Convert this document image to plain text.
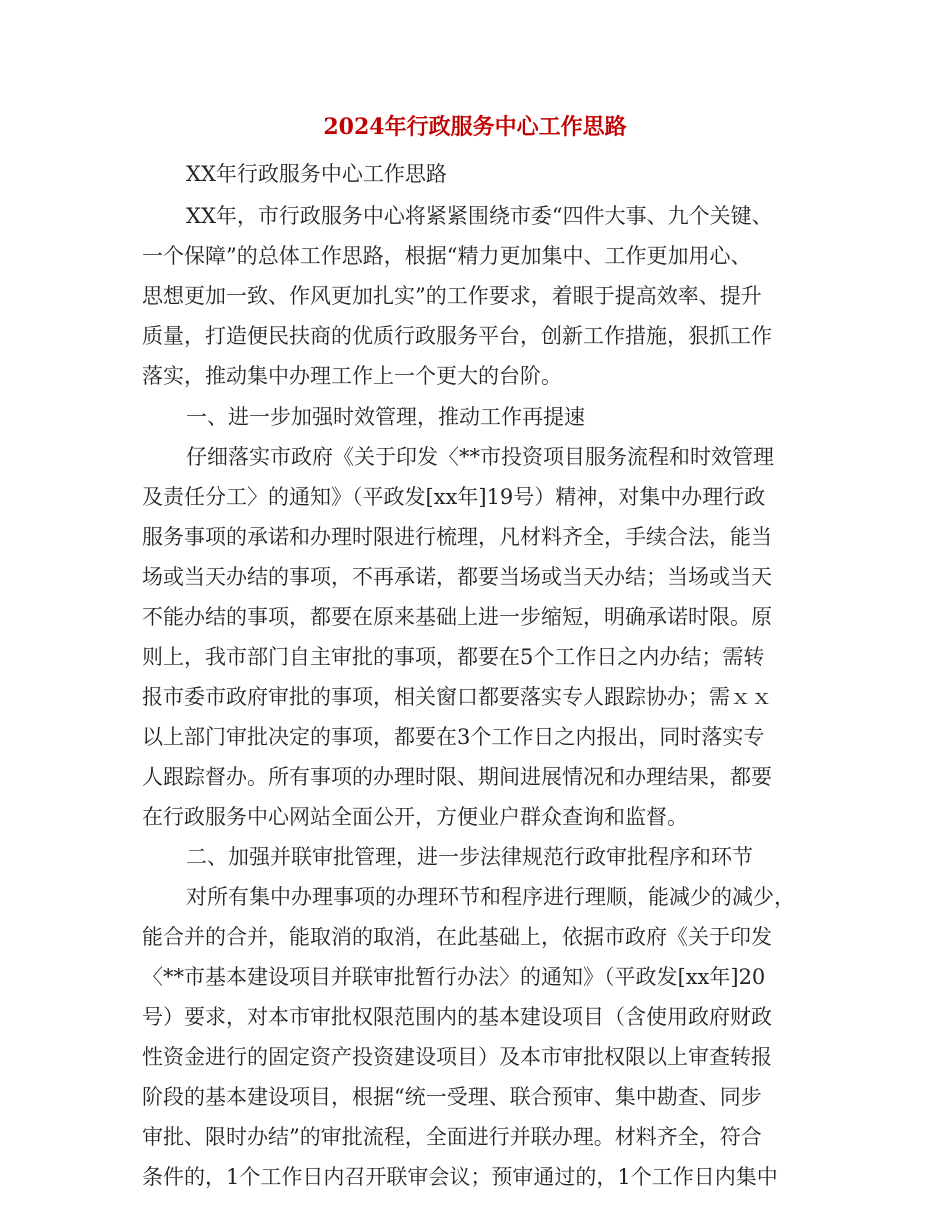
2024年行政服务中心工作思路

XX年行政服务中心工作思路

XX年，市行政服务中心将紧紧围绕市委“四件大事、九个关键、

一个保障”的总体工作思路，根据“精力更加集中、工作更加用心、

思想更加一致、作风更加扎实”的工作要求，着眼于提高效率、提升

质量，打造便民扶商的优质行政服务平台，创新工作措施，狠抓工作

落实，推动集中办理工作上一个更大的台阶。

一、进一步加强时效管理，推动工作再提速

仔细落实市政府《关于印发〈**市投资项目服务流程和时效管理

及责任分工〉的通知》（平政发[xx年]19号）精神，对集中办理行政

服务事项的承诺和办理时限进行梳理，凡材料齐全，手续合法，能当

场或当天办结的事项，不再承诺，都要当场或当天办结；当场或当天

不能办结的事项，都要在原来基础上进一步缩短，明确承诺时限。原

则上，我市部门自主审批的事项，都要在5个工作日之内办结；需转

报市委市政府审批的事项，相关窗口都要落实专人跟踪协办；需ｘｘ

以上部门审批决定的事项，都要在3个工作日之内报出，同时落实专

人跟踪督办。所有事项的办理时限、期间进展情况和办理结果，都要

在行政服务中心网站全面公开，方便业户群众查询和监督。

二、加强并联审批管理，进一步法律规范行政审批程序和环节

对所有集中办理事项的办理环节和程序进行理顺，能减少的减少，

能合并的合并，能取消的取消，在此基础上，依据市政府《关于印发

〈**市基本建设项目并联审批暂行办法〉的通知》（平政发[xx年]20

号）要求，对本市审批权限范围内的基本建设项目（含使用政府财政

性资金进行的固定资产投资建设项目）及本市审批权限以上审查转报

阶段的基本建设项目，根据“统一受理、联合预审、集中勘查、同步

审批、限时办结”的审批流程，全面进行并联办理。材料齐全，符合

条件的，1个工作日内召开联审会议；预审通过的，1个工作日内集中
